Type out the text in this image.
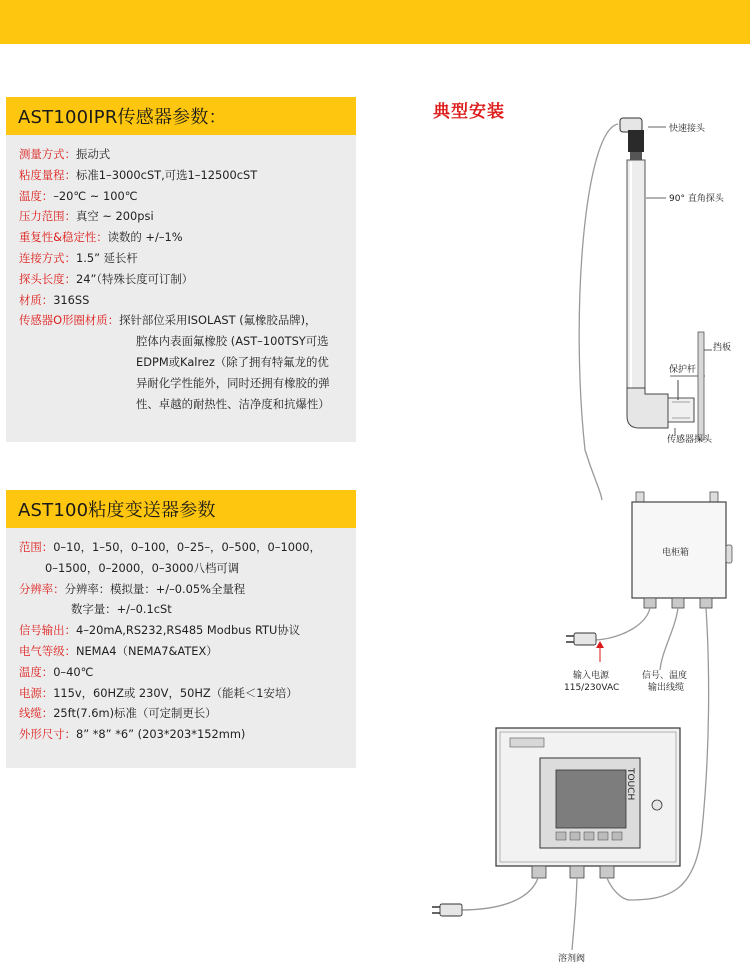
AST100IPR传感器参数：
测量方式：振动式
粘度量程：标准1–3000cST,可选1–12500cST
温度：–20℃ ~ 100℃
压力范围：真空 ~ 200psi
重复性&稳定性：读数的 +/–1%
连接方式：1.5” 延长杆
探头长度：24”（特殊长度可订制）
材质：316SS
传感器O形圈材质：探针部位采用ISOLAST (氟橡胶品牌)，
腔体内表面氟橡胶 (AST–100TSY可选
EDPM或Kalrez（除了拥有特氟龙的优
异耐化学性能外，同时还拥有橡胶的弹
性、卓越的耐热性、洁净度和抗爆性）
AST100粘度变送器参数
范围：0–10，1–50，0–100，0–25–，0–500，0–1000，
0–1500，0–2000，0–3000八档可调
分辨率：分辨率：模拟量：+/–0.05%全量程
数字量：+/–0.1cSt
信号输出：4–20mA,RS232,RS485 Modbus RTU协议
电气等级：NEMA4（NEMA7&ATEX）
温度：0–40℃
电源：115v，60HZ或 230V，50HZ（能耗＜1安培）
线缆：25ft(7.6m)标准（可定制更长）
外形尺寸：8” *8” *6” (203*203*152mm)
典型安装
快速接头
90° 直角探头
保护杆
挡板
传感器探头
电柜箱
输入电源
115/230VAC
信号、温度
输出线缆
TOUCH
溶剂阀
